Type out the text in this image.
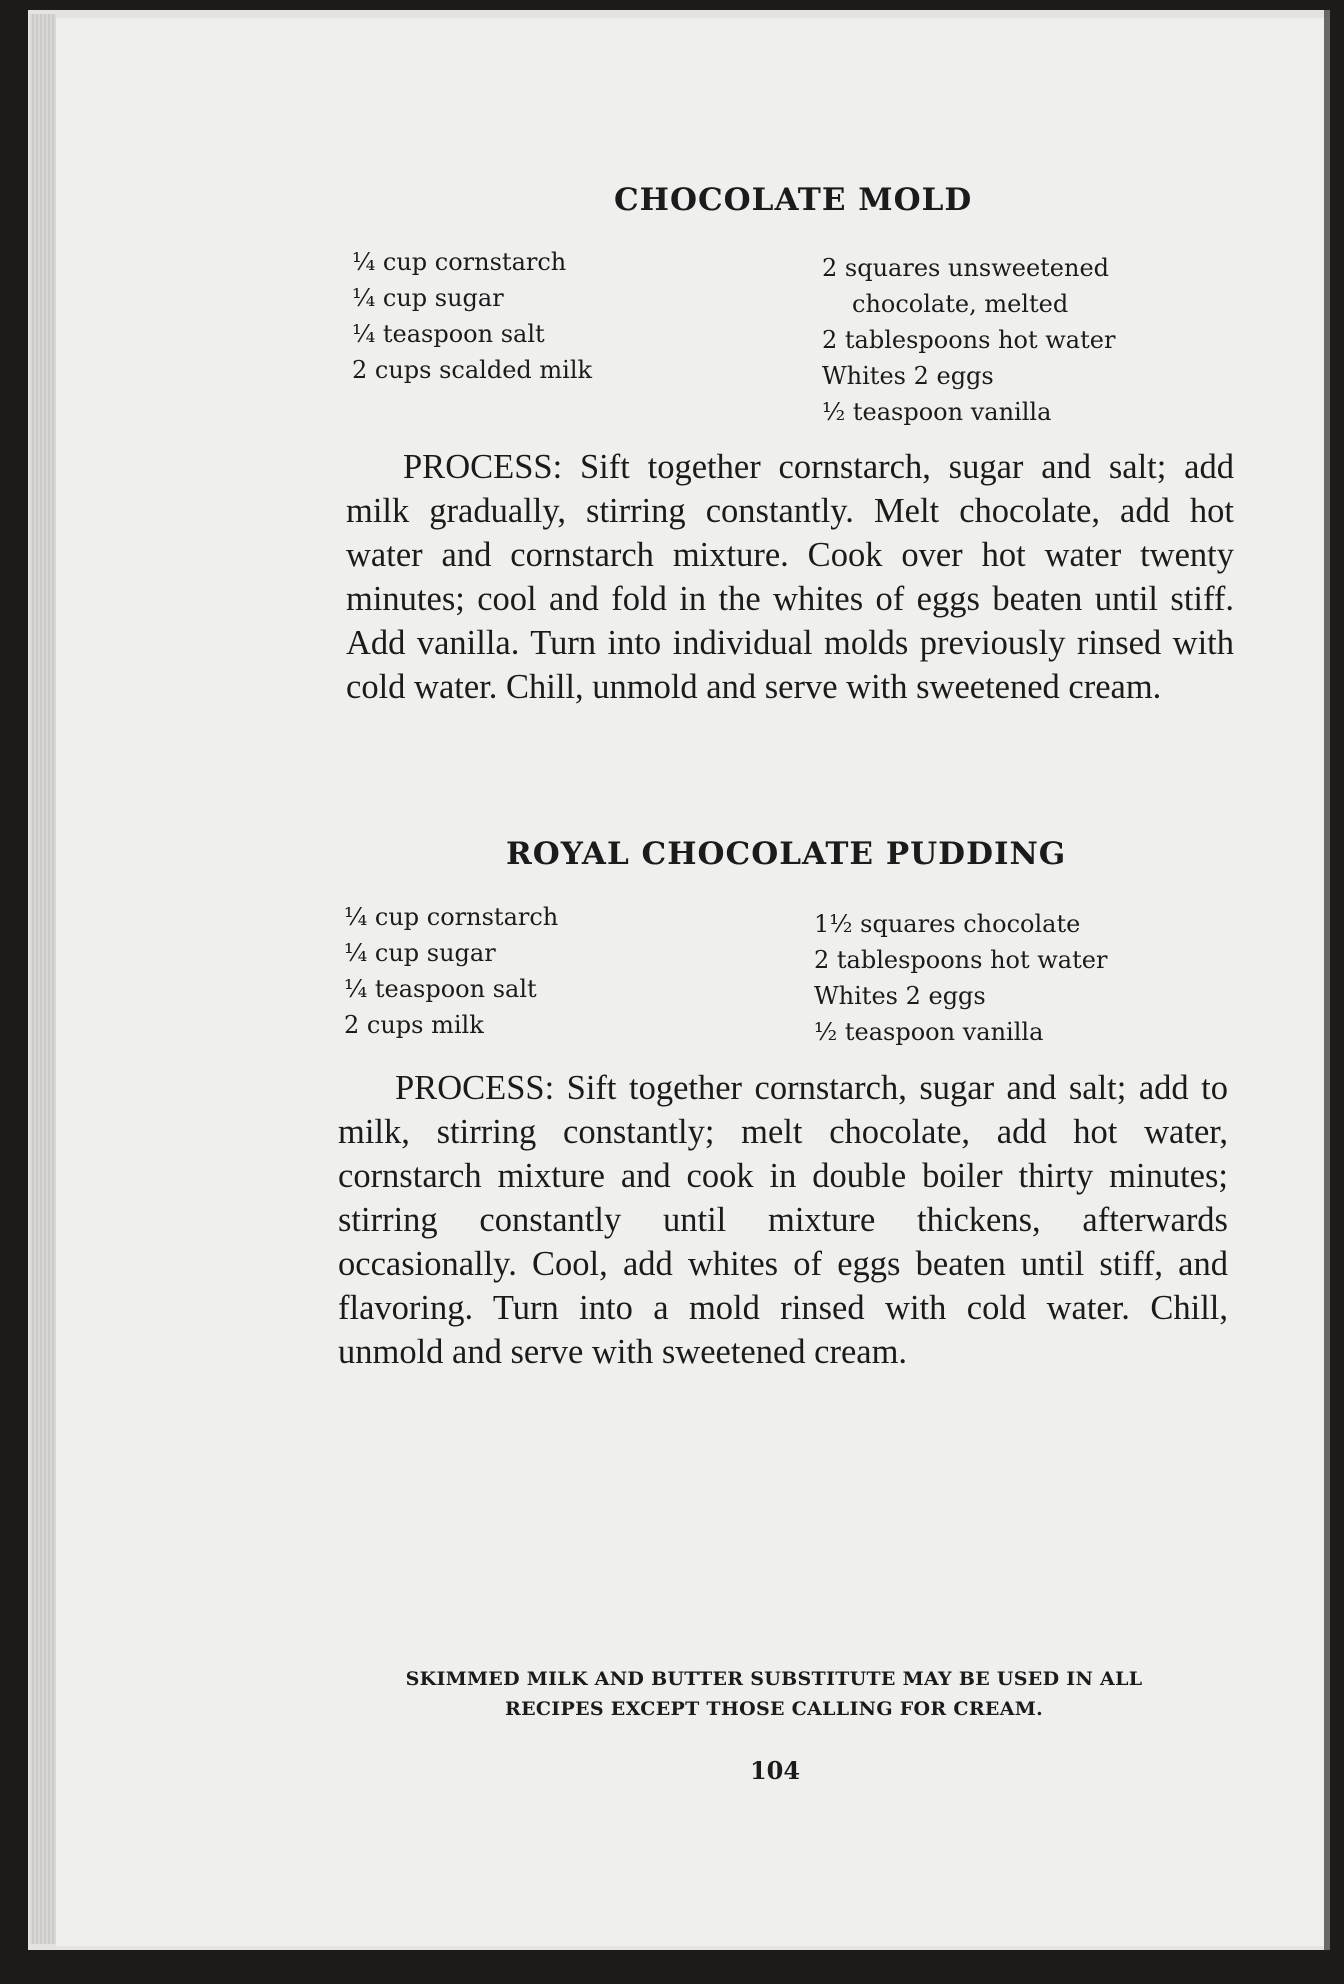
CHOCOLATE MOLD
¼ cup cornstarch
¼ cup sugar
¼ teaspoon salt
2 cups scalded milk
2 squares unsweetened
chocolate, melted
2 tablespoons hot water
Whites 2 eggs
½ teaspoon vanilla

PROCESS: Sift together cornstarch, sugar and salt; add milk gradually, stirring constantly. Melt chocolate, add hot water and cornstarch mixture. Cook over hot water twenty minutes; cool and fold in the whites of eggs beaten until stiff. Add vanilla. Turn into individual molds previously rinsed with cold water. Chill, unmold and serve with sweetened cream.

ROYAL CHOCOLATE PUDDING
¼ cup cornstarch
¼ cup sugar
¼ teaspoon salt
2 cups milk
1½ squares chocolate
2 tablespoons hot water
Whites 2 eggs
½ teaspoon vanilla

PROCESS: Sift together cornstarch, sugar and salt; add to milk, stirring constantly; melt chocolate, add hot water, cornstarch mixture and cook in double boiler thirty minutes; stirring constantly until mixture thickens, afterwards occasionally. Cool, add whites of eggs beaten until stiff, and flavoring. Turn into a mold rinsed with cold water. Chill, unmold and serve with sweetened cream.

SKIMMED MILK AND BUTTER SUBSTITUTE MAY BE USED IN ALL
RECIPES EXCEPT THOSE CALLING FOR CREAM.

104
